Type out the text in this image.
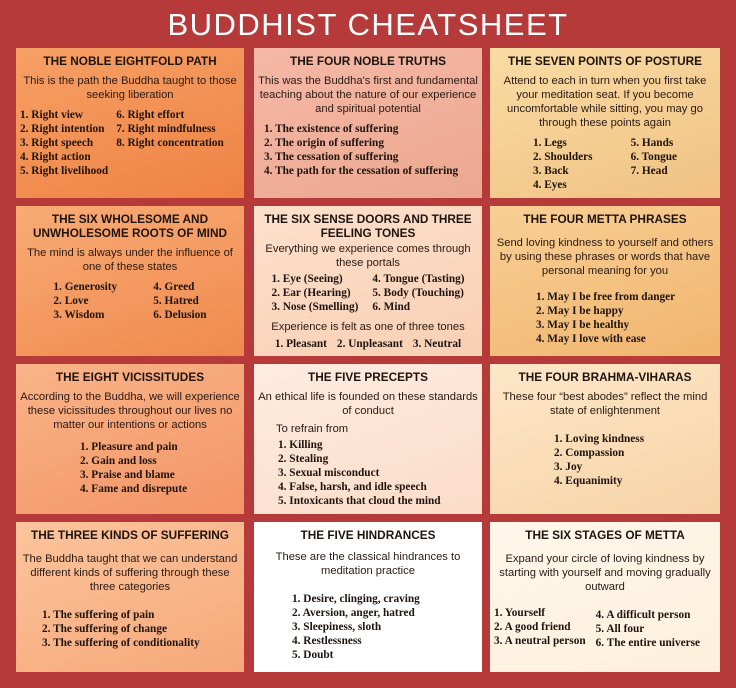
BUDDHIST CHEATSHEET
THE NOBLE EIGHTFOLD PATH

This is the path the Buddha taught to those seeking liberation

1. Right view
2. Right intention
3. Right speech
4. Right action
5. Right livelihood
6. Right effort
7. Right mindfulness
8. Right concentration
THE FOUR NOBLE TRUTHS

This was the Buddha's first and fundamental teaching about the nature of our experience and spiritual potential

1. The existence of suffering
2. The origin of suffering
3. The cessation of suffering
4. The path for the cessation of suffering
THE SEVEN POINTS OF POSTURE

Attend to each in turn when you first take your meditation seat. If you become uncomfortable while sitting, you may go through these points again

1. Legs
2. Shoulders
3. Back
4. Eyes
5. Hands
6. Tongue
7. Head
THE SIX WHOLESOME AND UNWHOLESOME ROOTS OF MIND

The mind is always under the influence of one of these states

1. Generosity
2. Love
3. Wisdom
4. Greed
5. Hatred
6. Delusion
THE SIX SENSE DOORS AND THREE FEELING TONES

Everything we experience comes through these portals

1. Eye (Seeing)
2. Ear (Hearing)
3. Nose (Smelling)
4. Tongue (Tasting)
5. Body (Touching)
6. Mind

Experience is felt as one of three tones

1. Pleasant 2. Unpleasant 3. Neutral
THE FOUR METTA PHRASES

Send loving kindness to yourself and others by using these phrases or words that have personal meaning for you

1. May I be free from danger
2. May I be happy
3. May I be healthy
4. May I love with ease
THE EIGHT VICISSITUDES

According to the Buddha, we will experience these vicissitudes throughout our lives no matter our intentions or actions

1. Pleasure and pain
2. Gain and loss
3. Praise and blame
4. Fame and disrepute
THE FIVE PRECEPTS

An ethical life is founded on these standards of conduct

To refrain from

1. Killing
2. Stealing
3. Sexual misconduct
4. False, harsh, and idle speech
5. Intoxicants that cloud the mind
THE FOUR BRAHMA-VIHARAS

These four “best abodes” reflect the mind state of enlightenment

1. Loving kindness
2. Compassion
3. Joy
4. Equanimity
THE THREE KINDS OF SUFFERING

The Buddha taught that we can understand different kinds of suffering through these three categories

1. The suffering of pain
2. The suffering of change
3. The suffering of conditionality
THE FIVE HINDRANCES

These are the classical hindrances to meditation practice

1. Desire, clinging, craving
2. Aversion, anger, hatred
3. Sleepiness, sloth
4. Restlessness
5. Doubt
THE SIX STAGES OF METTA

Expand your circle of loving kindness by starting with yourself and moving gradually outward

1. Yourself
2. A good friend
3. A neutral person
4. A difficult person
5. All four
6. The entire universe
